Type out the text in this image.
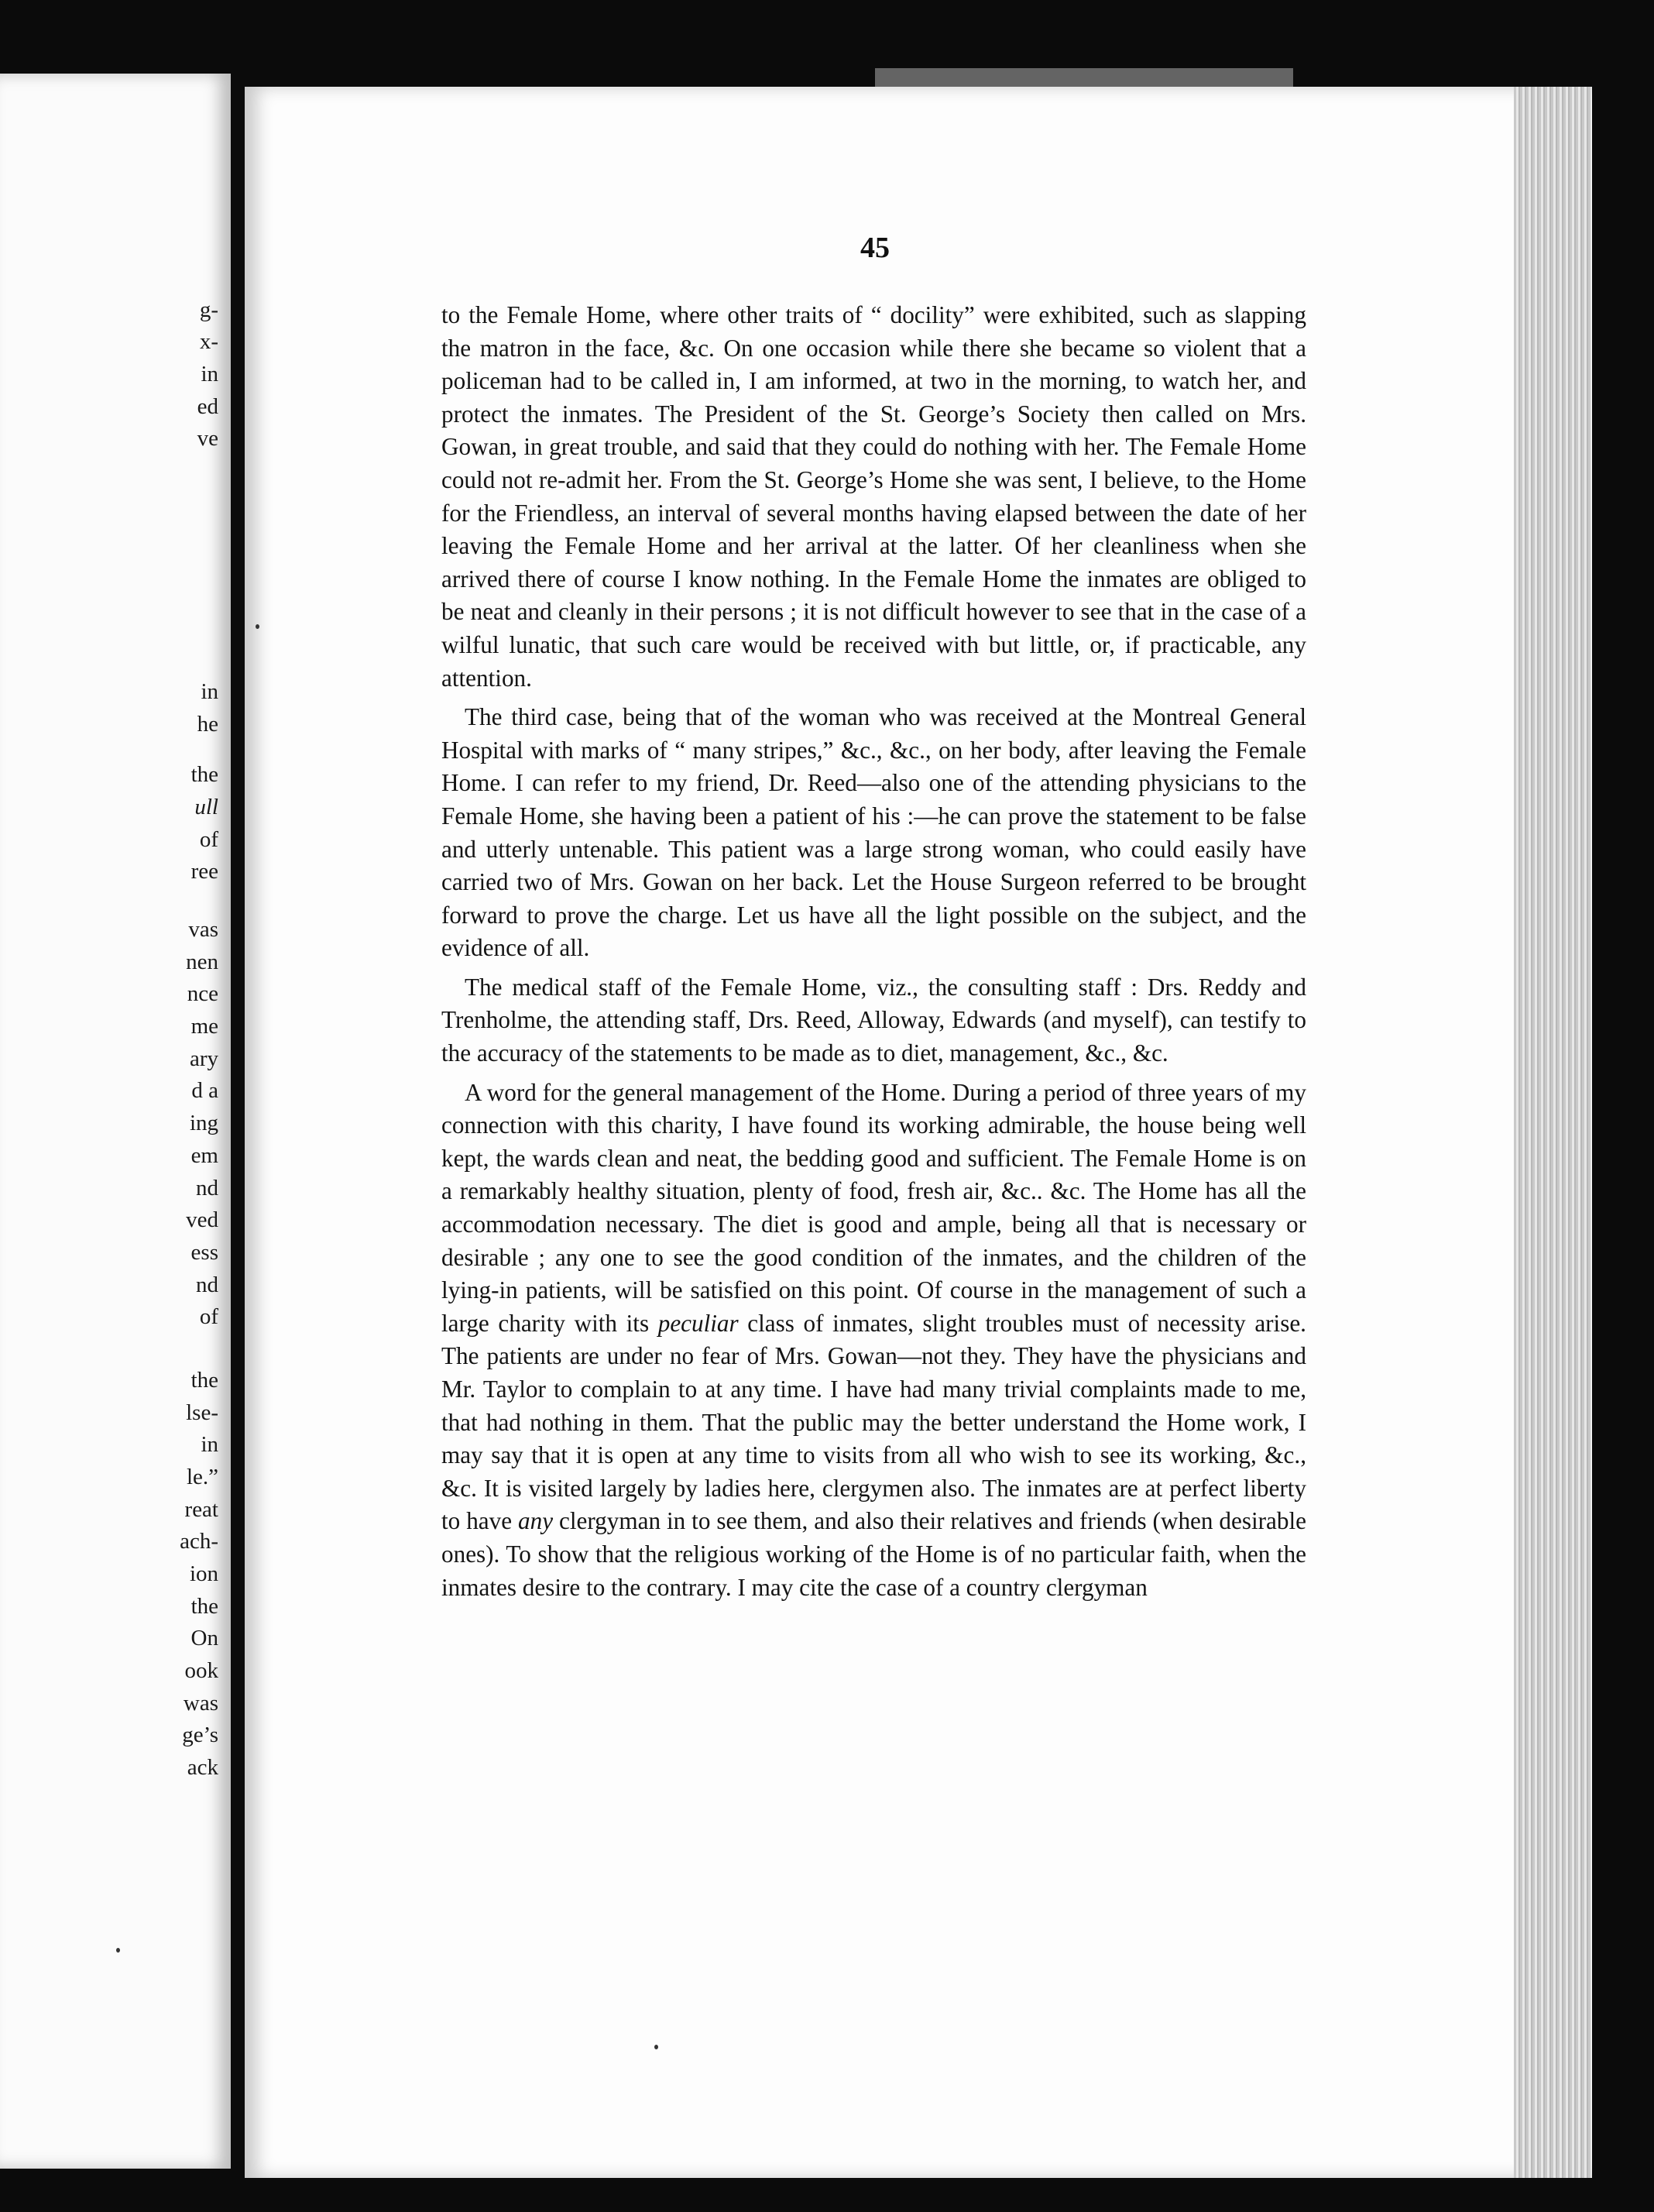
g-
x-
in
ed
ve
in
he
the
ull
of
ree
vas
nen
nce
me
ary
d a
ing
em
nd
ved
ess
nd
of
the
lse-
in
le.”
reat
ach-
ion
the
On
ook
was
ge’s
ack
45

to the Female Home, where other traits of “ docility” were exhibited, such as slapping the matron in the face, &c. On one occasion while there she became so violent that a policeman had to be called in, I am informed, at two in the morning, to watch her, and protect the inmates. The President of the St. George’s Society then called on Mrs. Gowan, in great trouble, and said that they could do nothing with her. The Female Home could not re-admit her. From the St. George’s Home she was sent, I believe, to the Home for the Friendless, an interval of several months having elapsed between the date of her leaving the Female Home and her arrival at the latter. Of her cleanliness when she arrived there of course I know nothing. In the Female Home the inmates are obliged to be neat and cleanly in their persons ; it is not difficult however to see that in the case of a wilful lunatic, that such care would be received with but little, or, if practicable, any attention.

The third case, being that of the woman who was received at the Montreal General Hospital with marks of “ many stripes,” &c., &c., on her body, after leaving the Female Home. I can refer to my friend, Dr. Reed—also one of the attending physicians to the Female Home, she having been a patient of his :—he can prove the statement to be false and utterly untenable. This patient was a large strong woman, who could easily have carried two of Mrs. Gowan on her back. Let the House Surgeon referred to be brought forward to prove the charge. Let us have all the light possible on the subject, and the evidence of all.

The medical staff of the Female Home, viz., the consulting staff : Drs. Reddy and Trenholme, the attending staff, Drs. Reed, Alloway, Edwards (and myself), can testify to the accuracy of the statements to be made as to diet, management, &c., &c.

A word for the general management of the Home. During a period of three years of my connection with this charity, I have found its working admirable, the house being well kept, the wards clean and neat, the bedding good and sufficient. The Female Home is on a remarkably healthy situation, plenty of food, fresh air, &c.. &c. The Home has all the accommodation necessary. The diet is good and ample, being all that is necessary or desirable ; any one to see the good condition of the inmates, and the children of the lying-in patients, will be satisfied on this point. Of course in the management of such a large charity with its peculiar class of inmates, slight troubles must of necessity arise. The patients are under no fear of Mrs. Gowan—not they. They have the physicians and Mr. Taylor to complain to at any time. I have had many trivial complaints made to me, that had nothing in them. That the public may the better understand the Home work, I may say that it is open at any time to visits from all who wish to see its working, &c., &c. It is visited largely by ladies here, clergymen also. The inmates are at perfect liberty to have any clergyman in to see them, and also their relatives and friends (when desirable ones). To show that the religious working of the Home is of no particular faith, when the inmates desire to the contrary. I may cite the case of a country clergyman
